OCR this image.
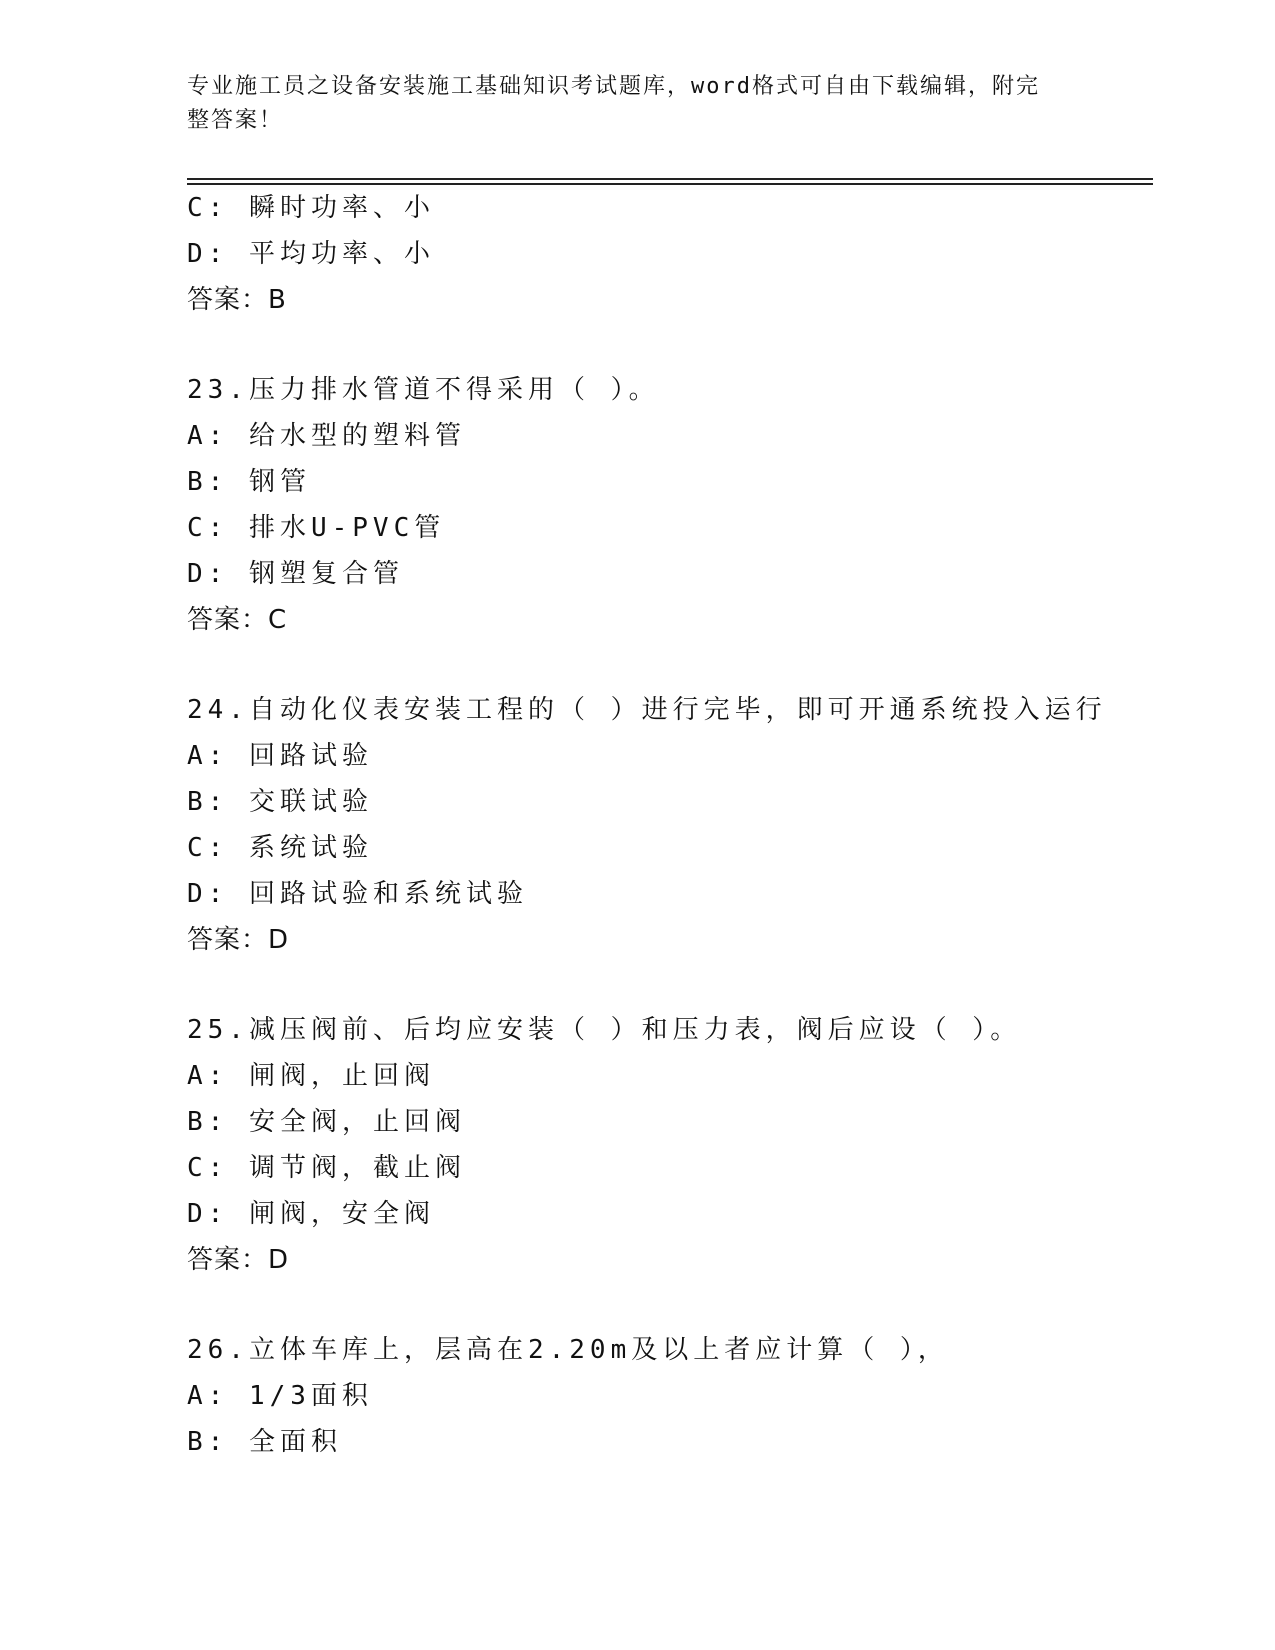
专业施工员之设备安装施工基础知识考试题库，word格式可自由下载编辑，附完
整答案！
C: 瞬时功率、小
D: 平均功率、小
答案：B
23.压力排水管道不得采用（ ）。
A: 给水型的塑料管
B: 钢管
C: 排水U-PVC管
D: 钢塑复合管
答案：C
24.自动化仪表安装工程的（ ）进行完毕，即可开通系统投入运行
A: 回路试验
B: 交联试验
C: 系统试验
D: 回路试验和系统试验
答案：D
25.减压阀前、后均应安装（ ）和压力表，阀后应设（ ）。
A: 闸阀，止回阀
B: 安全阀，止回阀
C: 调节阀，截止阀
D: 闸阀，安全阀
答案：D
26.立体车库上，层高在2.20m及以上者应计算（ ），
A: 1/3面积
B: 全面积
